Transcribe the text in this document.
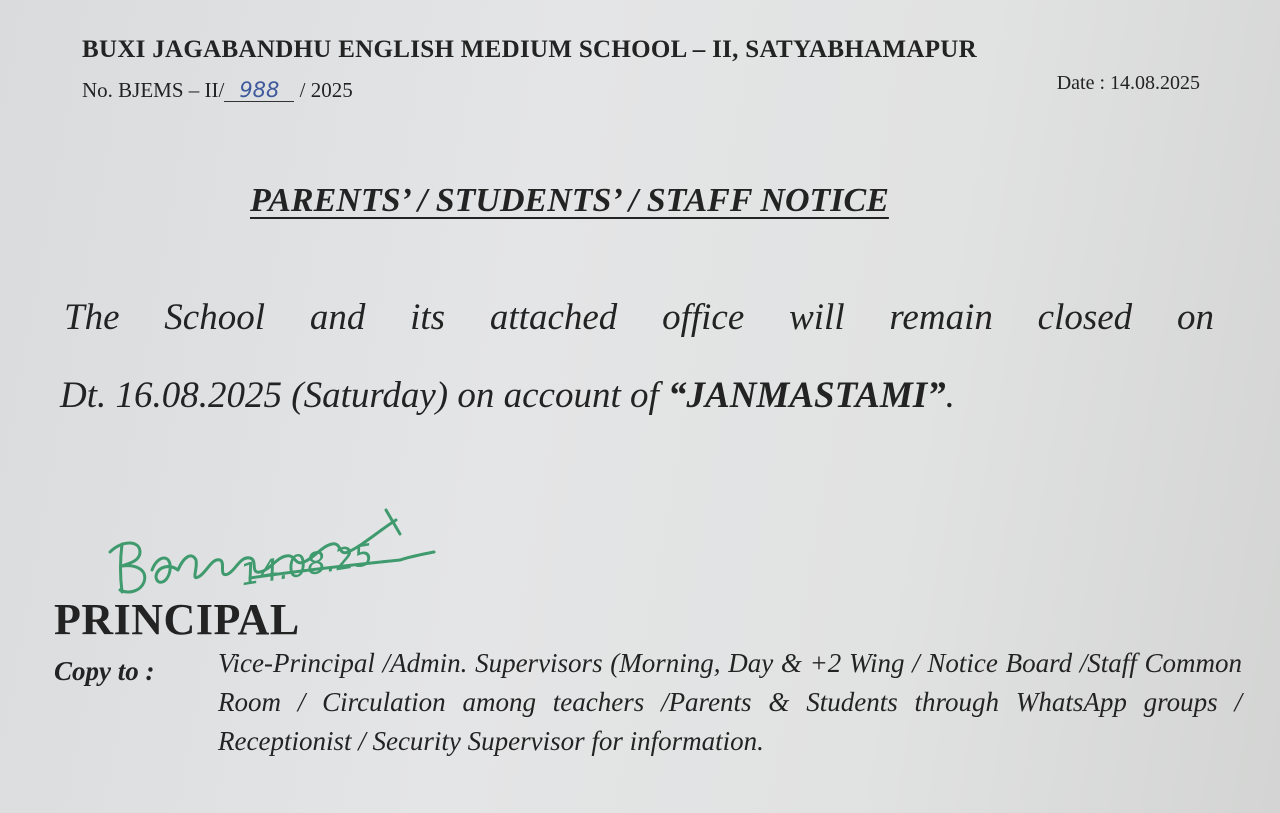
BUXI JAGABANDHU ENGLISH MEDIUM SCHOOL – II, SATYABHAMAPUR
No. BJEMS – II/ 988 / 2025	Date : 14.08.2025
PARENTS’ / STUDENTS’ / STAFF NOTICE
The School and its attached office will remain closed on
Dt. 16.08.2025 (Saturday) on account of “JANMASTAMI”.
14.08.25
PRINCIPAL
Copy to : Vice-Principal /Admin. Supervisors (Morning, Day & +2 Wing / Notice Board /Staff Common Room / Circulation among teachers /Parents & Students through WhatsApp groups / Receptionist / Security Supervisor for information.
